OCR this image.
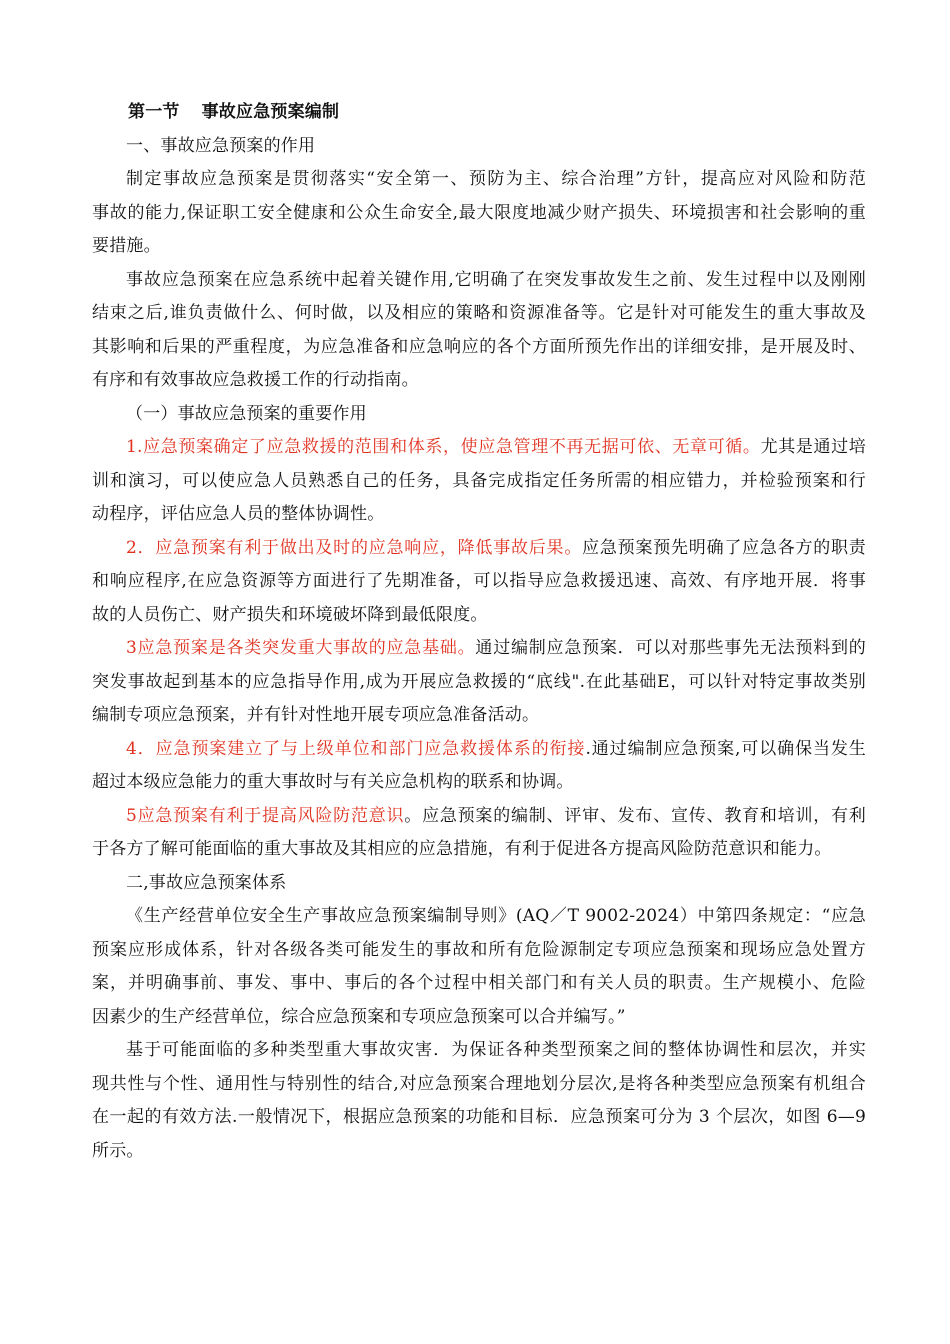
第一节 事故应急预案编制
一、事故应急预案的作用
制定事故应急预案是贯彻落实“安全第一、预防为主、综合治理”方针，提高应对风险和防范
事故的能力,保证职工安全健康和公众生命安全,最大限度地减少财产损失、环境损害和社会影响的重
要措施。
事故应急预案在应急系统中起着关键作用,它明确了在突发事故发生之前、发生过程中以及刚刚
结束之后,谁负责做什么、何时做，以及相应的策略和资源准备等。它是针对可能发生的重大事故及
其影响和后果的严重程度，为应急准备和应急响应的各个方面所预先作出的详细安排，是开展及时、
有序和有效事故应急救援工作的行动指南。
（一）事故应急预案的重要作用
1.应急预案确定了应急救援的范围和体系，使应急管理不再无据可依、无章可循。尤其是通过培
训和演习，可以使应急人员熟悉自己的任务，具备完成指定任务所需的相应错力，并检验预案和行
动程序，评估应急人员的整体协调性。
2．应急预案有利于做出及时的应急响应，降低事故后果。应急预案预先明确了应急各方的职责
和响应程序,在应急资源等方面进行了先期准备，可以指导应急救援迅速、高效、有序地开展．将事
故的人员伤亡、财产损失和环境破坏降到最低限度。
3应急预案是各类突发重大事故的应急基础。通过编制应急预案．可以对那些事先无法预料到的
突发事故起到基本的应急指导作用,成为开展应急救援的“底线".在此基础E，可以针对特定事故类别
编制专项应急预案，并有针对性地开展专项应急准备活动。
4．应急预案建立了与上级单位和部门应急救援体系的衔接.通过编制应急预案,可以确保当发生
超过本级应急能力的重大事故时与有关应急机构的联系和协调。
5应急预案有利于提高风险防范意识。应急预案的编制、评审、发布、宣传、教育和培训，有利
于各方了解可能面临的重大事故及其相应的应急措施，有利于促进各方提高风险防范意识和能力。
二,事故应急预案体系
《生产经营单位安全生产事故应急预案编制导则》(AQ／T 9002-2024）中第四条规定：“应急
预案应形成体系，针对各级各类可能发生的事故和所有危险源制定专项应急预案和现场应急处置方
案，并明确事前、事发、事中、事后的各个过程中相关部门和有关人员的职责。生产规模小、危险
因素少的生产经营单位，综合应急预案和专项应急预案可以合并编写。”
基于可能面临的多种类型重大事故灾害．为保证各种类型预案之间的整体协调性和层次，并实
现共性与个性、通用性与特别性的结合,对应急预案合理地划分层次,是将各种类型应急预案有机组合
在一起的有效方法.一般情况下，根据应急预案的功能和目标．应急预案可分为 3 个层次，如图 6—9
所示。
